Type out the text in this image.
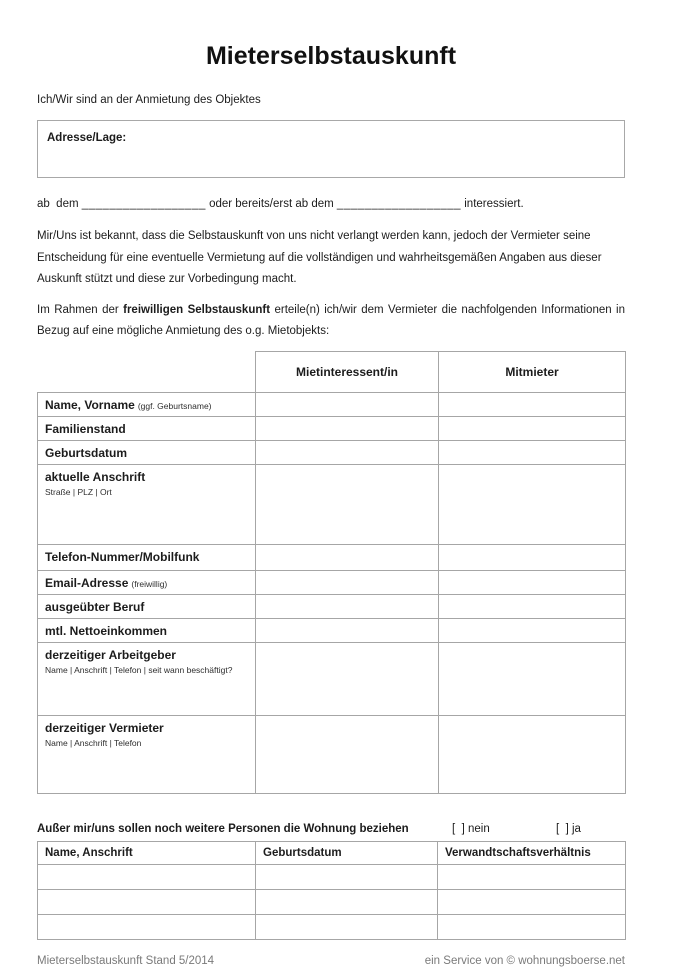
Mieterselbstauskunft
Ich/Wir sind an der Anmietung des Objektes
Adresse/Lage:
ab  dem __________________ oder bereits/erst ab dem __________________ interessiert.

Mir/Uns ist bekannt, dass die Selbstauskunft von uns nicht verlangt werden kann, jedoch der Vermieter seine Entscheidung für eine eventuelle Vermietung auf die vollständigen und wahrheitsgemäßen Angaben aus dieser Auskunft stützt und diese zur Vorbedingung macht.

Im Rahmen der freiwilligen Selbstauskunft erteile(n) ich/wir dem Vermieter die nachfolgenden Informationen in Bezug auf eine mögliche Anmietung des o.g. Mietobjekts:

	Mietinteressent/in	Mitmieter
Name, Vorname (ggf. Geburtsname)		
Familienstand		
Geburtsdatum		
aktuelle Anschrift
Straße | PLZ | Ort		

Telefon-Nummer/Mobilfunk		
Email-Adresse (freiwillig)		
ausgeübter Beruf		
mtl. Nettoeinkommen		
derzeitiger Arbeitgeber
Name | Anschrift | Telefon | seit wann beschäftigt?		

derzeitiger Vermieter
Name | Anschrift | Telefon		

Außer mir/uns sollen noch weitere Personen die Wohnung beziehen	[  ] nein	[  ] ja
Name, Anschrift	Geburtsdatum	Verwandtschaftsverhältnis

Mieterselbstauskunft Stand 5/2014	ein Service von © wohnungsboerse.net
